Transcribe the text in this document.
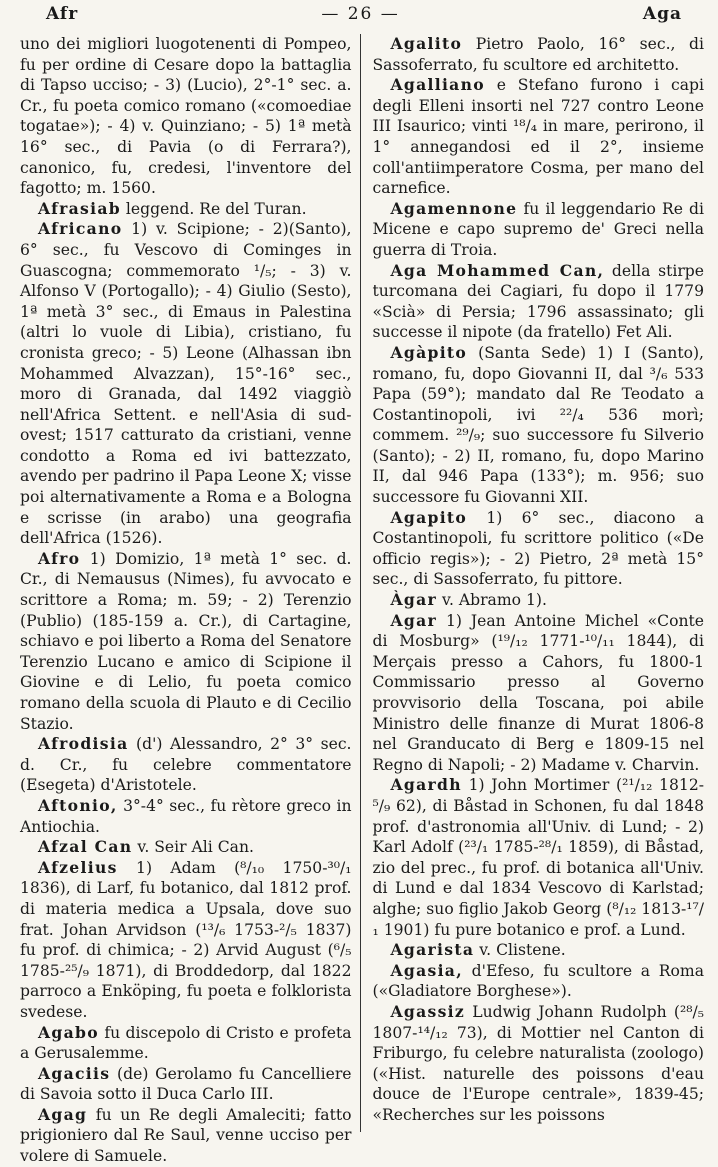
Afr	— 26 —	Aga

uno dei migliori luogotenenti di Pompeo, fu per ordine di Cesare dopo la battaglia di Tapso ucciso; - 3) (Lucio), 2°-1° sec. a. Cr., fu poeta comico romano («comoediae togatae»); - 4) v. Quinziano; - 5) 1ª metà 16° sec., di Pavia (o di Ferrara?), canonico, fu, credesi, l'inventore del fagotto; m. 1560.

Afrasiab leggend. Re del Turan.

Africano 1) v. Scipione; - 2)(Santo), 6° sec., fu Vescovo di Cominges in Guascogna; commemorato ¹/₅; - 3) v. Alfonso V (Portogallo); - 4) Giulio (Sesto), 1ª metà 3° sec., di Emaus in Palestina (altri lo vuole di Libia), cristiano, fu cronista greco; - 5) Leone (Alhassan ibn Mohammed Alvazzan), 15°-16° sec., moro di Granada, dal 1492 viaggiò nell'Africa Settent. e nell'Asia di sud-ovest; 1517 catturato da cristiani, venne condotto a Roma ed ivi battezzato, avendo per padrino il Papa Leone X; visse poi alternativamente a Roma e a Bologna e scrisse (in arabo) una geografia dell'Africa (1526).

Afro 1) Domizio, 1ª metà 1° sec. d. Cr., di Nemausus (Nimes), fu avvocato e scrittore a Roma; m. 59; - 2) Terenzio (Publio) (185-159 a. Cr.), di Cartagine, schiavo e poi liberto a Roma del Senatore Terenzio Lucano e amico di Scipione il Giovine e di Lelio, fu poeta comico romano della scuola di Plauto e di Cecilio Stazio.

Afrodisia (d') Alessandro, 2° 3° sec. d. Cr., fu celebre commentatore (Esegeta) d'Aristotele.

Aftonio, 3°-4° sec., fu rètore greco in Antiochia.

Afzal Can v. Seir Ali Can.

Afzelius 1) Adam (⁸/₁₀ 1750-³⁰/₁ 1836), di Larf, fu botanico, dal 1812 prof. di materia medica a Upsala, dove suo frat. Johan Arvidson (¹³/₆ 1753-²/₅ 1837) fu prof. di chimica; - 2) Arvid August (⁶/₅ 1785-²⁵/₉ 1871), di Broddedorp, dal 1822 parroco a Enköping, fu poeta e folklorista svedese.

Agabo fu discepolo di Cristo e profeta a Gerusalemme.

Agaciis (de) Gerolamo fu Cancelliere di Savoia sotto il Duca Carlo III.

Agag fu un Re degli Amaleciti; fatto prigioniero dal Re Saul, venne ucciso per volere di Samuele.

Agalito Pietro Paolo, 16° sec., di Sassoferrato, fu scultore ed architetto.

Agalliano e Stefano furono i capi degli Elleni insorti nel 727 contro Leone III Isaurico; vinti ¹⁸/₄ in mare, perirono, il 1° annegandosi ed il 2°, insieme coll'antiimperatore Cosma, per mano del carnefice.

Agamennone fu il leggendario Re di Micene e capo supremo de' Greci nella guerra di Troia.

Aga Mohammed Can, della stirpe turcomana dei Cagiari, fu dopo il 1779 «Scià» di Persia; 1796 assassinato; gli successe il nipote (da fratello) Fet Ali.

Agàpito (Santa Sede) 1) I (Santo), romano, fu, dopo Giovanni II, dal ³/₆ 533 Papa (59°); mandato dal Re Teodato a Costantinopoli, ivi ²²/₄ 536 morì; commem. ²⁹/₉; suo successore fu Silverio (Santo); - 2) II, romano, fu, dopo Marino II, dal 946 Papa (133°); m. 956; suo successore fu Giovanni XII.

Agapito 1) 6° sec., diacono a Costantinopoli, fu scrittore politico («De officio regis»); - 2) Pietro, 2ª metà 15° sec., di Sassoferrato, fu pittore.

Àgar v. Abramo 1).

Agar 1) Jean Antoine Michel «Conte di Mosburg» (¹⁹/₁₂ 1771-¹⁰/₁₁ 1844), di Merçais presso a Cahors, fu 1800-1 Commissario presso al Governo provvisorio della Toscana, poi abile Ministro delle finanze di Murat 1806-8 nel Granducato di Berg e 1809-15 nel Regno di Napoli; - 2) Madame v. Charvin.

Agardh 1) John Mortimer (²¹/₁₂ 1812-⁵/₉ 62), di Båstad in Schonen, fu dal 1848 prof. d'astronomia all'Univ. di Lund; - 2) Karl Adolf (²³/₁ 1785-²⁸/₁ 1859), di Båstad, zio del prec., fu prof. di botanica all'Univ. di Lund e dal 1834 Vescovo di Karlstad; alghe; suo figlio Jakob Georg (⁸/₁₂ 1813-¹⁷/₁ 1901) fu pure botanico e prof. a Lund.

Agarista v. Clistene.

Agasia, d'Efeso, fu scultore a Roma («Gladiatore Borghese»).

Agassiz Ludwig Johann Rudolph (²⁸/₅ 1807-¹⁴/₁₂ 73), di Mottier nel Canton di Friburgo, fu celebre naturalista (zoologo) («Hist. naturelle des poissons d'eau douce de l'Europe centrale», 1839-45; «Recherches sur les poissons
